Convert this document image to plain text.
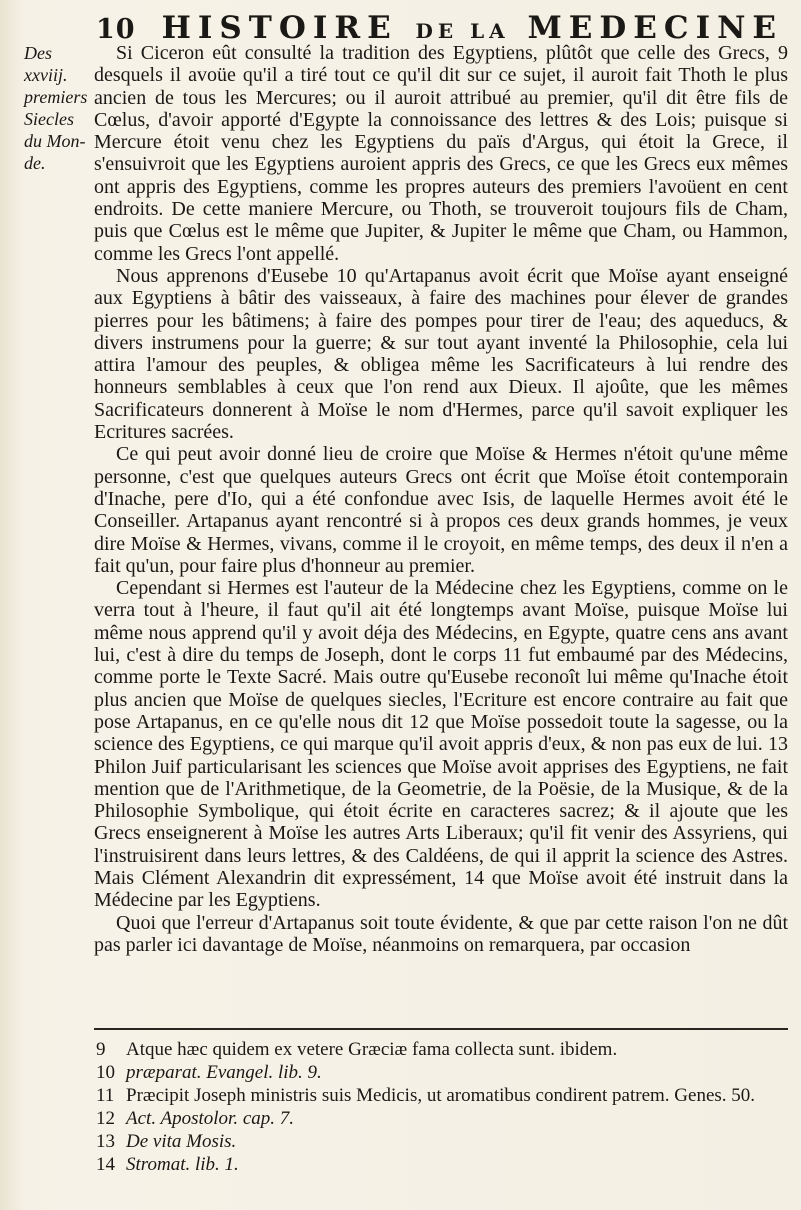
10 HISTOIRE DE LA MEDECINE
Des
xxviij.
premiers
Siecles
du Mon-
de.

Si Ciceron eût consulté la tradition des Egyptiens, plûtôt que celle des Grecs, 9 desquels il avoüe qu'il a tiré tout ce qu'il dit sur ce sujet, il auroit fait Thoth le plus ancien de tous les Mercures; ou il auroit attribué au premier, qu'il dit être fils de Cœlus, d'avoir apporté d'Egypte la connoissance des lettres & des Lois; puisque si Mercure étoit venu chez les Egyptiens du païs d'Argus, qui étoit la Grece, il s'ensuivroit que les Egyptiens auroient appris des Grecs, ce que les Grecs eux mêmes ont appris des Egyptiens, comme les propres auteurs des premiers l'avoüent en cent endroits. De cette maniere Mercure, ou Thoth, se trouveroit toujours fils de Cham, puis que Cœlus est le même que Jupiter, & Jupiter le même que Cham, ou Hammon, comme les Grecs l'ont appellé.

Nous apprenons d'Eusebe 10 qu'Artapanus avoit écrit que Moïse ayant enseigné aux Egyptiens à bâtir des vaisseaux, à faire des machines pour élever de grandes pierres pour les bâtimens; à faire des pompes pour tirer de l'eau; des aqueducs, & divers instrumens pour la guerre; & sur tout ayant inventé la Philosophie, cela lui attira l'amour des peuples, & obligea même les Sacrificateurs à lui rendre des honneurs semblables à ceux que l'on rend aux Dieux. Il ajoûte, que les mêmes Sacrificateurs donnerent à Moïse le nom d'Hermes, parce qu'il savoit expliquer les Ecritures sacrées.

Ce qui peut avoir donné lieu de croire que Moïse & Hermes n'étoit qu'une même personne, c'est que quelques auteurs Grecs ont écrit que Moïse étoit contemporain d'Inache, pere d'Io, qui a été confondue avec Isis, de laquelle Hermes avoit été le Conseiller. Artapanus ayant rencontré si à propos ces deux grands hommes, je veux dire Moïse & Hermes, vivans, comme il le croyoit, en même temps, des deux il n'en a fait qu'un, pour faire plus d'honneur au premier.

Cependant si Hermes est l'auteur de la Médecine chez les Egyptiens, comme on le verra tout à l'heure, il faut qu'il ait été longtemps avant Moïse, puisque Moïse lui même nous apprend qu'il y avoit déja des Médecins, en Egypte, quatre cens ans avant lui, c'est à dire du temps de Joseph, dont le corps 11 fut embaumé par des Médecins, comme porte le Texte Sacré. Mais outre qu'Eusebe reconoît lui même qu'Inache étoit plus ancien que Moïse de quelques siecles, l'Ecriture est encore contraire au fait que pose Artapanus, en ce qu'elle nous dit 12 que Moïse possedoit toute la sagesse, ou la science des Egyptiens, ce qui marque qu'il avoit appris d'eux, & non pas eux de lui. 13 Philon Juif particularisant les sciences que Moïse avoit apprises des Egyptiens, ne fait mention que de l'Arithmetique, de la Geometrie, de la Poësie, de la Musique, & de la Philosophie Symbolique, qui étoit écrite en caracteres sacrez; & il ajoute que les Grecs enseignerent à Moïse les autres Arts Liberaux; qu'il fit venir des Assyriens, qui l'instruisirent dans leurs lettres, & des Caldéens, de qui il apprit la science des Astres. Mais Clément Alexandrin dit expressément, 14 que Moïse avoit été instruit dans la Médecine par les Egyptiens.

Quoi que l'erreur d'Artapanus soit toute évidente, & que par cette raison l'on ne dût pas parler ici davantage de Moïse, néanmoins on remarquera, par occasion

9 Atque hæc quidem ex vetere Græciæ fama collecta sunt. ibidem.
10 præparat. Evangel. lib. 9.
11 Præcipit Joseph ministris suis Medicis, ut aromatibus condirent patrem. Genes. 50.
12 Act. Apostolor. cap. 7.
13 De vita Mosis.
14 Stromat. lib. 1.
